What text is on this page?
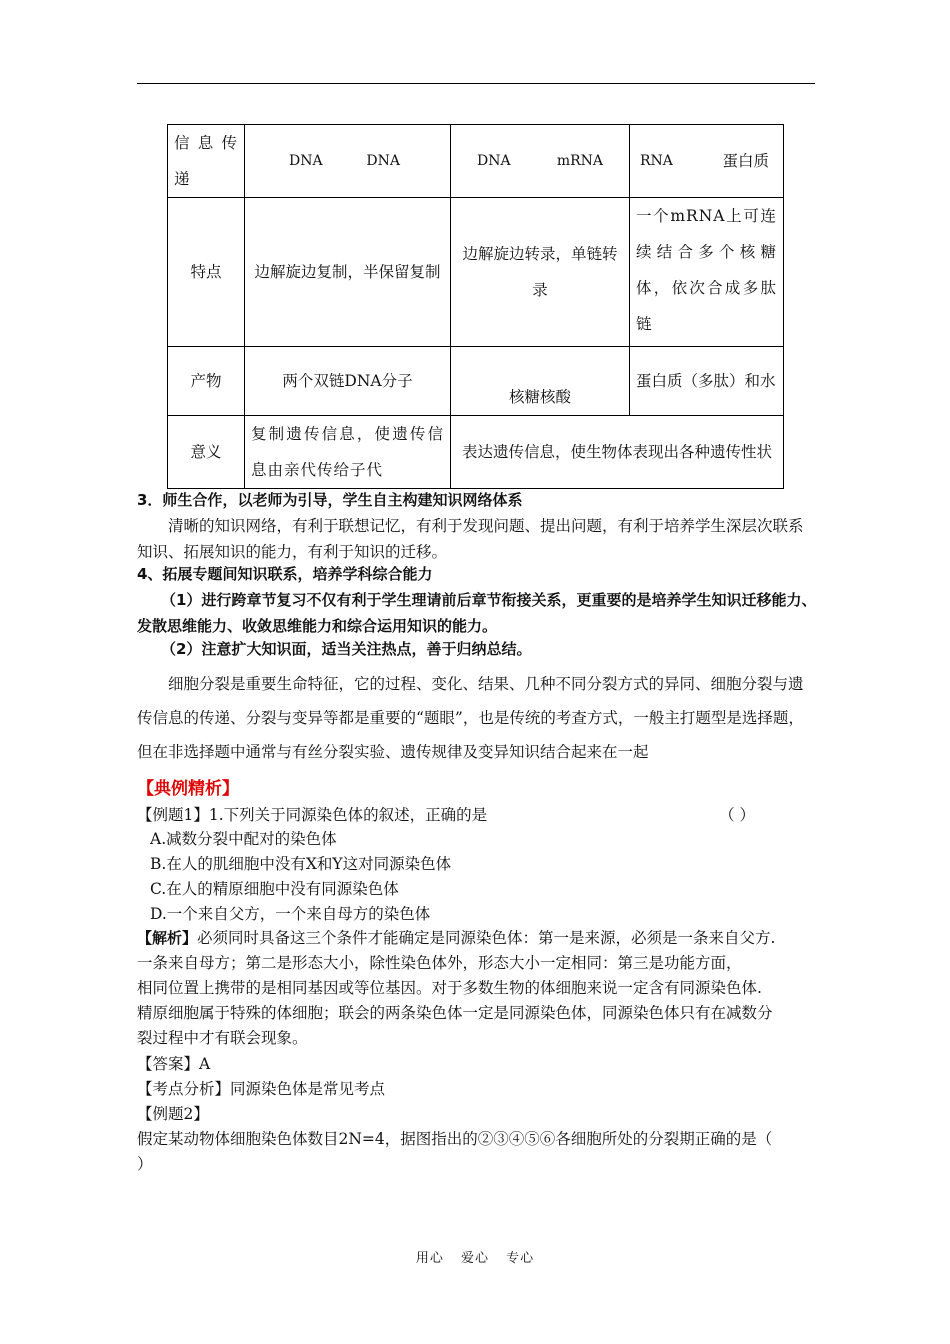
信息传递	DNA DNA	DNA mRNA	RNA 蛋白质

特点	边解旋边复制，半保留复制	边解旋边转录，单链转录	一个mRNA上可连续结合多个核糖体，依次合成多肽链
产物	两个双链DNA分子	核糖核酸	蛋白质（多肽）和水
意义	复制遗传信息，使遗传信息由亲代传给子代	表达遗传信息，使生物体表现出各种遗传性状	
3．师生合作，以老师为引导，学生自主构建知识网络体系
清晰的知识网络，有利于联想记忆，有利于发现问题、提出问题，有利于培养学生深层次联系知识、拓展知识的能力，有利于知识的迁移。
4、拓展专题间知识联系，培养学科综合能力
（1）进行跨章节复习不仅有利于学生理请前后章节衔接关系，更重要的是培养学生知识迁移能力、发散思维能力、收敛思维能力和综合运用知识的能力。
（2）注意扩大知识面，适当关注热点，善于归纳总结。
细胞分裂是重要生命特征，它的过程、变化、结果、几种不同分裂方式的异同、细胞分裂与遗传信息的传递、分裂与变异等都是重要的“题眼”，也是传统的考查方式，一般主打题型是选择题，但在非选择题中通常与有丝分裂实验、遗传规律及变异知识结合起来在一起
【典例精析】
【例题1】1.下列关于同源染色体的叙述，正确的是	（ ）
A.减数分裂中配对的染色体
B.在人的肌细胞中没有X和Y这对同源染色体
C.在人的精原细胞中没有同源染色体
D.一个来自父方，一个来自母方的染色体
【解析】必须同时具备这三个条件才能确定是同源染色体：第一是来源，必须是一条来自父方.
一条来自母方；第二是形态大小，除性染色体外，形态大小一定相同：第三是功能方面，
相同位置上携带的是相同基因或等位基因。对于多数生物的体细胞来说一定含有同源染色体.
精原细胞属于特殊的体细胞；联会的两条染色体一定是同源染色体，同源染色体只有在减数分
裂过程中才有联会现象。
【答案】A
【考点分析】同源染色体是常见考点
【例题2】
假定某动物体细胞染色体数目2N=4，据图指出的②③④⑤⑥各细胞所处的分裂期正确的是（
）
用心 爱心 专心
